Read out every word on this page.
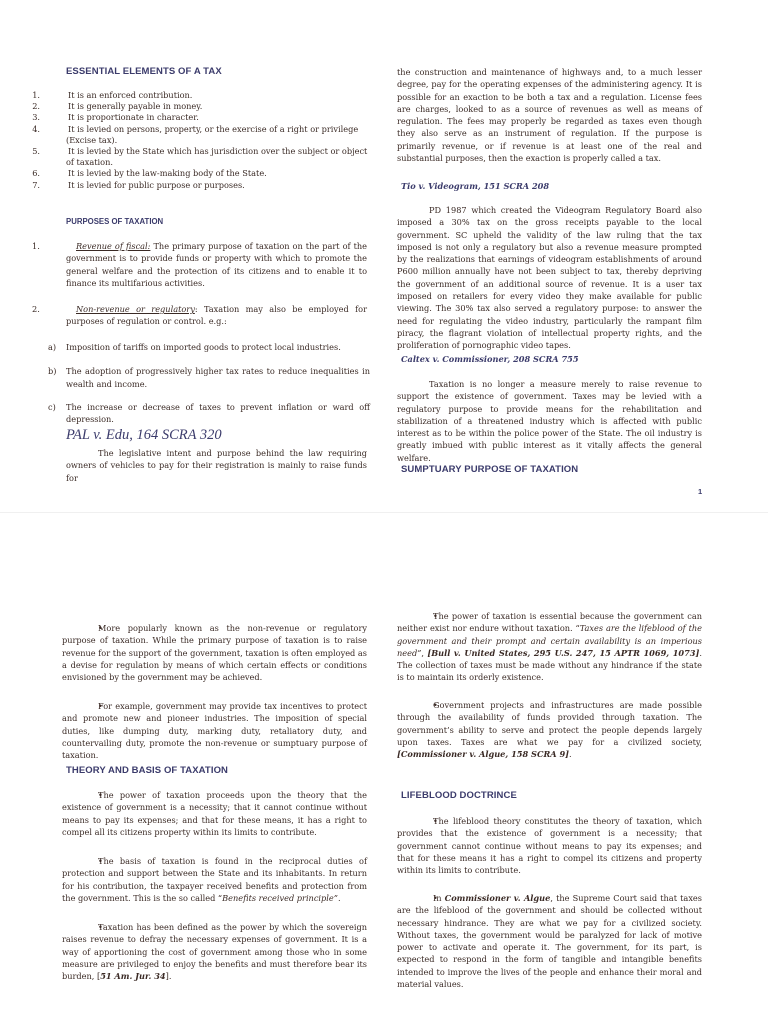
ESSENTIAL ELEMENTS OF A TAX
1.	It is an enforced contribution.
2.	It is generally payable in money.
3.	It is proportionate in character.
4.	It is levied on persons, property, or the exercise of a right or privilege
(Excise tax).
5.	It is levied by the State which has jurisdiction over the subject or object
of taxation.
6.	It is levied by the law-making body of the State.
7.	It is levied for public purpose or purposes.
PURPOSES OF TAXATION
1.	Revenue of fiscal: The primary purpose of taxation on the part of the government is to provide funds or property with which to promote the general welfare and the protection of its citizens and to enable it to finance its multifarious activities.
2.	Non-revenue or regulatory: Taxation may also be employed for purposes of regulation or control. e.g.:
a) Imposition of tariffs on imported goods to protect local industries.
b) The adoption of progressively higher tax rates to reduce inequalities in wealth and income.
c) The increase or decrease of taxes to prevent inflation or ward off depression.
PAL v. Edu, 164 SCRA 320
The legislative intent and purpose behind the law requiring owners of vehicles to pay for their registration is mainly to raise funds for
the construction and maintenance of highways and, to a much lesser degree, pay for the operating expenses of the administering agency. It is possible for an exaction to be both a tax and a regulation. License fees are charges, looked to as a source of revenues as well as means of regulation. The fees may properly be regarded as taxes even though they also serve as an instrument of regulation. If the purpose is primarily revenue, or if revenue is at least one of the real and substantial purposes, then the exaction is properly called a tax.
Tio v. Videogram, 151 SCRA 208
PD 1987 which created the Videogram Regulatory Board also imposed a 30% tax on the gross receipts payable to the local government. SC upheld the validity of the law ruling that the tax imposed is not only a regulatory but also a revenue measure prompted by the realizations that earnings of videogram establishments of around P600 million annually have not been subject to tax, thereby depriving the government of an additional source of revenue. It is a user tax imposed on retailers for every video they make available for public viewing. The 30% tax also served a regulatory purpose: to answer the need for regulating the video industry, particularly the rampant film piracy, the flagrant violation of intellectual property rights, and the proliferation of pornographic video tapes.
Caltex v. Commissioner, 208 SCRA 755
Taxation is no longer a measure merely to raise revenue to support the existence of government. Taxes may be levied with a regulatory purpose to provide means for the rehabilitation and stabilization of a threatened industry which is affected with public interest as to be within the police power of the State. The oil industry is greatly imbued with public interest as it vitally affects the general welfare.
SUMPTUARY PURPOSE OF TAXATION
1
• More popularly known as the non-revenue or regulatory purpose of taxation. While the primary purpose of taxation is to raise revenue for the support of the government, taxation is often employed as a devise for regulation by means of which certain effects or conditions envisioned by the government may be achieved.
• For example, government may provide tax incentives to protect and promote new and pioneer industries. The imposition of special duties, like dumping duty, marking duty, retaliatory duty, and countervailing duty, promote the non-revenue or sumptuary purpose of taxation.
THEORY AND BASIS OF TAXATION
• The power of taxation proceeds upon the theory that the existence of government is a necessity; that it cannot continue without means to pay its expenses; and that for these means, it has a right to compel all its citizens property within its limits to contribute.
• The basis of taxation is found in the reciprocal duties of protection and support between the State and its inhabitants. In return for his contribution, the taxpayer received benefits and protection from the government. This is the so called “Benefits received principle”.
• Taxation has been defined as the power by which the sovereign raises revenue to defray the necessary expenses of government. It is a way of apportioning the cost of government among those who in some measure are privileged to enjoy the benefits and must therefore bear its burden, [51 Am. Jur. 34].
• The power of taxation is essential because the government can neither exist nor endure without taxation. “Taxes are the lifeblood of the government and their prompt and certain availability is an imperious need”, [Bull v. United States, 295 U.S. 247, 15 APTR 1069, 1073]. The collection of taxes must be made without any hindrance if the state is to maintain its orderly existence.
• Government projects and infrastructures are made possible through the availability of funds provided through taxation. The government’s ability to serve and protect the people depends largely upon taxes. Taxes are what we pay for a civilized society, [Commissioner v. Algue, 158 SCRA 9].
LIFEBLOOD DOCTRINCE
• The lifeblood theory constitutes the theory of taxation, which provides that the existence of government is a necessity; that government cannot continue without means to pay its expenses; and that for these means it has a right to compel its citizens and property within its limits to contribute.
• In Commissioner v. Algue, the Supreme Court said that taxes are the lifeblood of the government and should be collected without necessary hindrance. They are what we pay for a civilized society. Without taxes, the government would be paralyzed for lack of motive power to activate and operate it. The government, for its part, is expected to respond in the form of tangible and intangible benefits intended to improve the lives of the people and enhance their moral and material values.
